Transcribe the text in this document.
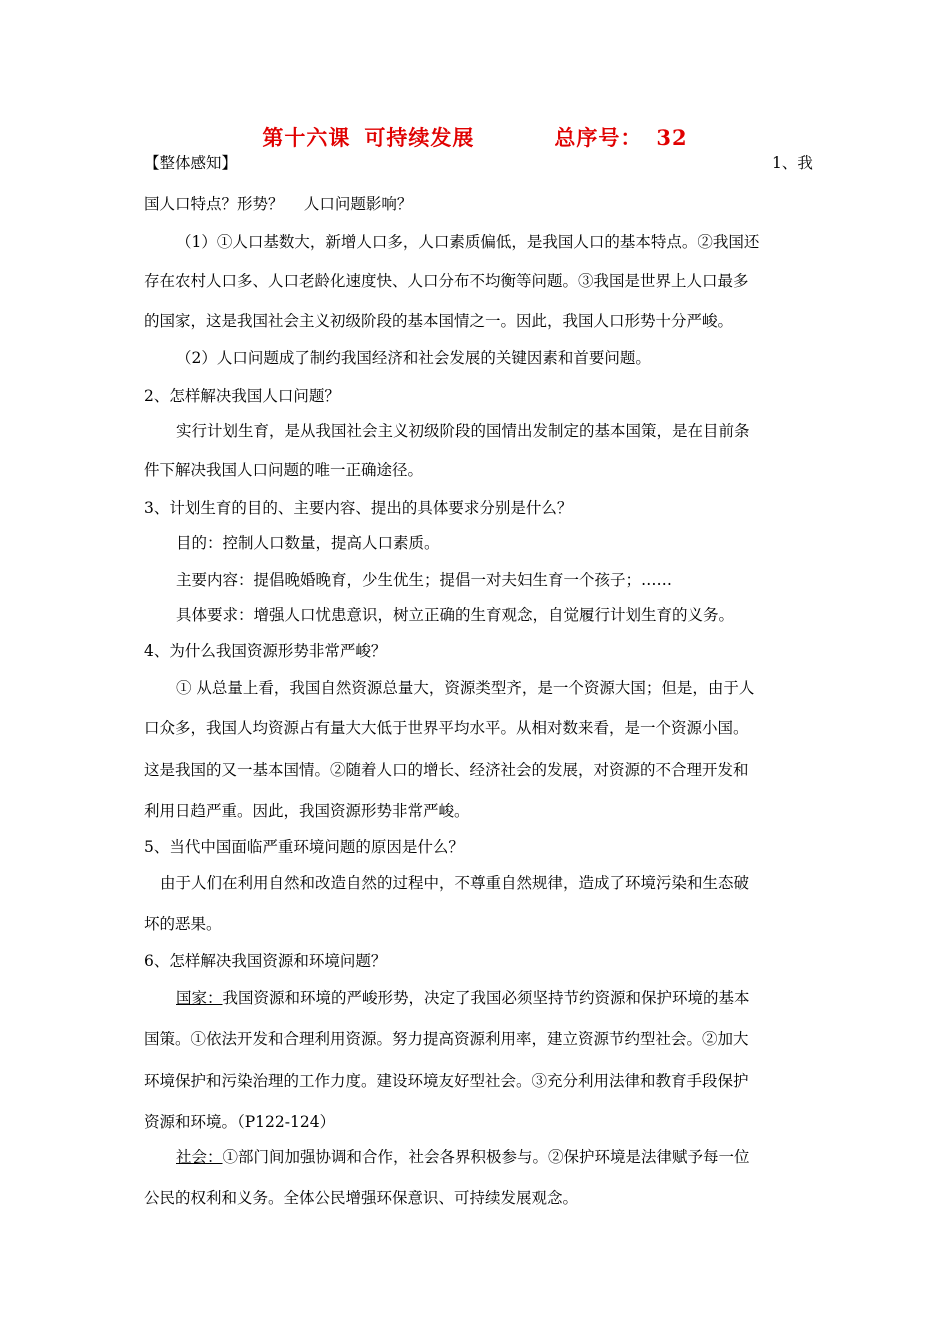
第十六课 可持续发展	总序号： 32
【整体感知】	1、我
国人口特点？形势？　 人口问题影响？
（1）①人口基数大，新增人口多，人口素质偏低，是我国人口的基本特点。②我国还
存在农村人口多、人口老龄化速度快、人口分布不均衡等问题。③我国是世界上人口最多
的国家，这是我国社会主义初级阶段的基本国情之一。因此，我国人口形势十分严峻。
（2）人口问题成了制约我国经济和社会发展的关键因素和首要问题。
2、怎样解决我国人口问题？
实行计划生育，是从我国社会主义初级阶段的国情出发制定的基本国策，是在目前条
件下解决我国人口问题的唯一正确途径。
3、计划生育的目的、主要内容、提出的具体要求分别是什么？
目的：控制人口数量，提高人口素质。
主要内容：提倡晚婚晚育，少生优生；提倡一对夫妇生育一个孩子；……
具体要求：增强人口忧患意识，树立正确的生育观念，自觉履行计划生育的义务。
4、为什么我国资源形势非常严峻？
① 从总量上看，我国自然资源总量大，资源类型齐，是一个资源大国；但是，由于人
口众多，我国人均资源占有量大大低于世界平均水平。从相对数来看，是一个资源小国。
这是我国的又一基本国情。②随着人口的增长、经济社会的发展，对资源的不合理开发和
利用日趋严重。因此，我国资源形势非常严峻。
5、当代中国面临严重环境问题的原因是什么？
由于人们在利用自然和改造自然的过程中，不尊重自然规律，造成了环境污染和生态破
坏的恶果。
6、怎样解决我国资源和环境问题？
国家：我国资源和环境的严峻形势，决定了我国必须坚持节约资源和保护环境的基本
国策。①依法开发和合理利用资源。努力提高资源利用率，建立资源节约型社会。②加大
环境保护和污染治理的工作力度。建设环境友好型社会。③充分利用法律和教育手段保护
资源和环境。（P122-124）
社会：①部门间加强协调和合作，社会各界积极参与。②保护环境是法律赋予每一位
公民的权利和义务。全体公民增强环保意识、可持续发展观念。
